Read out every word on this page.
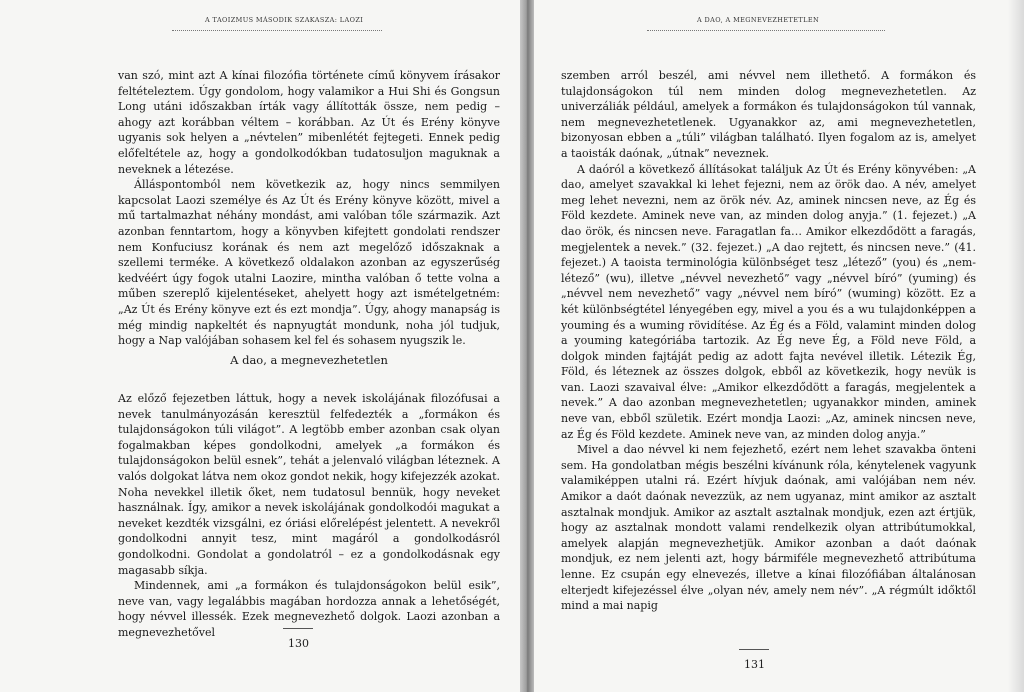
A TAOIZMUS MÁSODIK SZAKASZA: LAOZI

van szó, mint azt A kínai filozófia története című könyvem írásakor feltételeztem. Úgy gondolom, hogy valamikor a Hui Shi és Gongsun Long utáni időszakban írták vagy állították össze, nem pedig – ahogy azt korábban véltem – korábban. Az Út és Erény könyve ugyanis sok helyen a „névtelen” mibenlétét fejtegeti. Ennek pedig előfeltétele az, hogy a gondolkodókban tudatosuljon maguknak a neveknek a létezése.

Álláspontomból nem következik az, hogy nincs semmilyen kapcsolat Laozi személye és Az Út és Erény könyve között, mivel a mű tartalmazhat néhány mondást, ami valóban tőle származik. Azt azonban fenntartom, hogy a könyvben kifejtett gondolati rendszer nem Konfuciusz korának és nem azt megelőző időszaknak a szellemi terméke. A következő oldalakon azonban az egyszerűség kedvéért úgy fogok utalni Laozire, mintha valóban ő tette volna a műben szereplő kijelentéseket, ahelyett hogy azt ismételgetném: „Az Út és Erény könyve ezt és ezt mondja”. Úgy, ahogy manapság is még mindig napkeltét és napnyugtát mondunk, noha jól tudjuk, hogy a Nap valójában sohasem kel fel és sohasem nyugszik le.

A dao, a megnevezhetetlen

Az előző fejezetben láttuk, hogy a nevek iskolájának filozófusai a nevek tanulmányozásán keresztül felfedezték a „formákon és tulajdonságokon túli világot”. A legtöbb ember azonban csak olyan fogalmakban képes gondolkodni, amelyek „a formákon és tulajdonságokon belül esnek”, tehát a jelenvaló világban léteznek. A valós dolgokat látva nem okoz gondot nekik, hogy kifejezzék azokat. Noha nevekkel illetik őket, nem tudatosul bennük, hogy neveket használnak. Így, amikor a nevek iskolájának gondolkodói magukat a neveket kezdték vizsgálni, ez óriási előrelépést jelentett. A nevekről gondolkodni annyit tesz, mint magáról a gondolkodásról gondolkodni. Gondolat a gondolatról – ez a gondolkodásnak egy magasabb síkja.

Mindennek, ami „a formákon és tulajdonságokon belül esik”, neve van, vagy legalábbis magában hordozza annak a lehetőségét, hogy névvel illessék. Ezek megnevezhető dolgok. Laozi azonban a megnevezhetővel

130
A DAO, A MEGNEVEZHETETLEN

szemben arról beszél, ami névvel nem illethető. A formákon és tulajdonságokon túl nem minden dolog megnevezhetetlen. Az univerzáliák például, amelyek a formákon és tulajdonságokon túl vannak, nem megnevezhetetlenek. Ugyanakkor az, ami megnevezhetetlen, bizonyosan ebben a „túli” világban található. Ilyen fogalom az is, amelyet a taoisták daónak, „útnak” neveznek.

A daóról a következő állításokat találjuk Az Út és Erény könyvében: „A dao, amelyet szavakkal ki lehet fejezni, nem az örök dao. A név, amelyet meg lehet nevezni, nem az örök név. Az, aminek nincsen neve, az Ég és Föld kezdete. Aminek neve van, az minden dolog anyja.” (1. fejezet.) „A dao örök, és nincsen neve. Faragatlan fa… Amikor elkezdődött a faragás, megjelentek a nevek.” (32. fejezet.) „A dao rejtett, és nincsen neve.” (41. fejezet.) A taoista terminológia különbséget tesz „létező” (you) és „nem-létező” (wu), illetve „névvel nevezhető” vagy „névvel bíró” (yuming) és „névvel nem nevezhető” vagy „névvel nem bíró” (wuming) között. Ez a két különbségtétel lényegében egy, mivel a you és a wu tulajdonképpen a youming és a wuming rövidítése. Az Ég és a Föld, valamint minden dolog a youming kategóriába tartozik. Az Ég neve Ég, a Föld neve Föld, a dolgok minden fajtáját pedig az adott fajta nevével illetik. Létezik Ég, Föld, és léteznek az összes dolgok, ebből az következik, hogy nevük is van. Laozi szavaival élve: „Amikor elkezdődött a faragás, megjelentek a nevek.” A dao azonban megnevezhetetlen; ugyanakkor minden, aminek neve van, ebből születik. Ezért mondja Laozi: „Az, aminek nincsen neve, az Ég és Föld kezdete. Aminek neve van, az minden dolog anyja.”

Mivel a dao névvel ki nem fejezhető, ezért nem lehet szavakba önteni sem. Ha gondolatban mégis beszélni kívánunk róla, kénytelenek vagyunk valamiképpen utalni rá. Ezért hívjuk daónak, ami valójában nem név. Amikor a daót daónak nevezzük, az nem ugyanaz, mint amikor az asztalt asztalnak mondjuk. Amikor az asztalt asztalnak mondjuk, ezen azt értjük, hogy az asztalnak mondott valami rendelkezik olyan attribútumokkal, amelyek alapján megnevezhetjük. Amikor azonban a daót daónak mondjuk, ez nem jelenti azt, hogy bármiféle megnevezhető attribútuma lenne. Ez csupán egy elnevezés, illetve a kínai filozófiában általánosan elterjedt kifejezéssel élve „olyan név, amely nem név”. „A régmúlt időktől mind a mai napig

131
